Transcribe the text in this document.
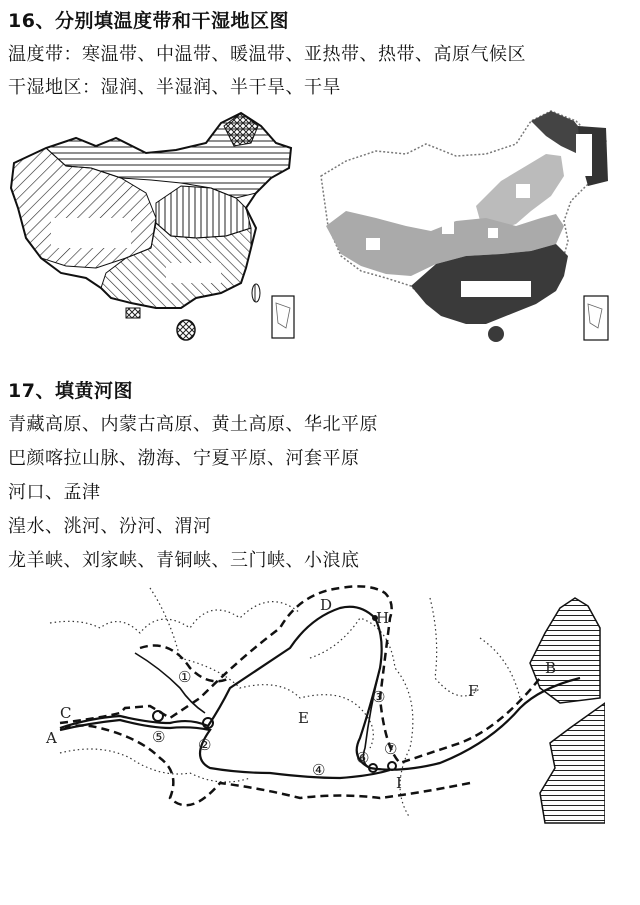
16、分别填温度带和干湿地区图
温度带：寒温带、中温带、暖温带、亚热带、热带、高原气候区
干湿地区：湿润、半湿润、半干旱、干旱
17、填黄河图
青藏高原、内蒙古高原、黄土高原、华北平原
巴颜喀拉山脉、渤海、宁夏平原、河套平原
河口、孟津
湟水、洮河、汾河、渭河
龙羊峡、刘家峡、青铜峡、三门峡、小浪底
A
B
C
D
E
F
H
I
①
②
③
④
⑤
⑥ ⑦
